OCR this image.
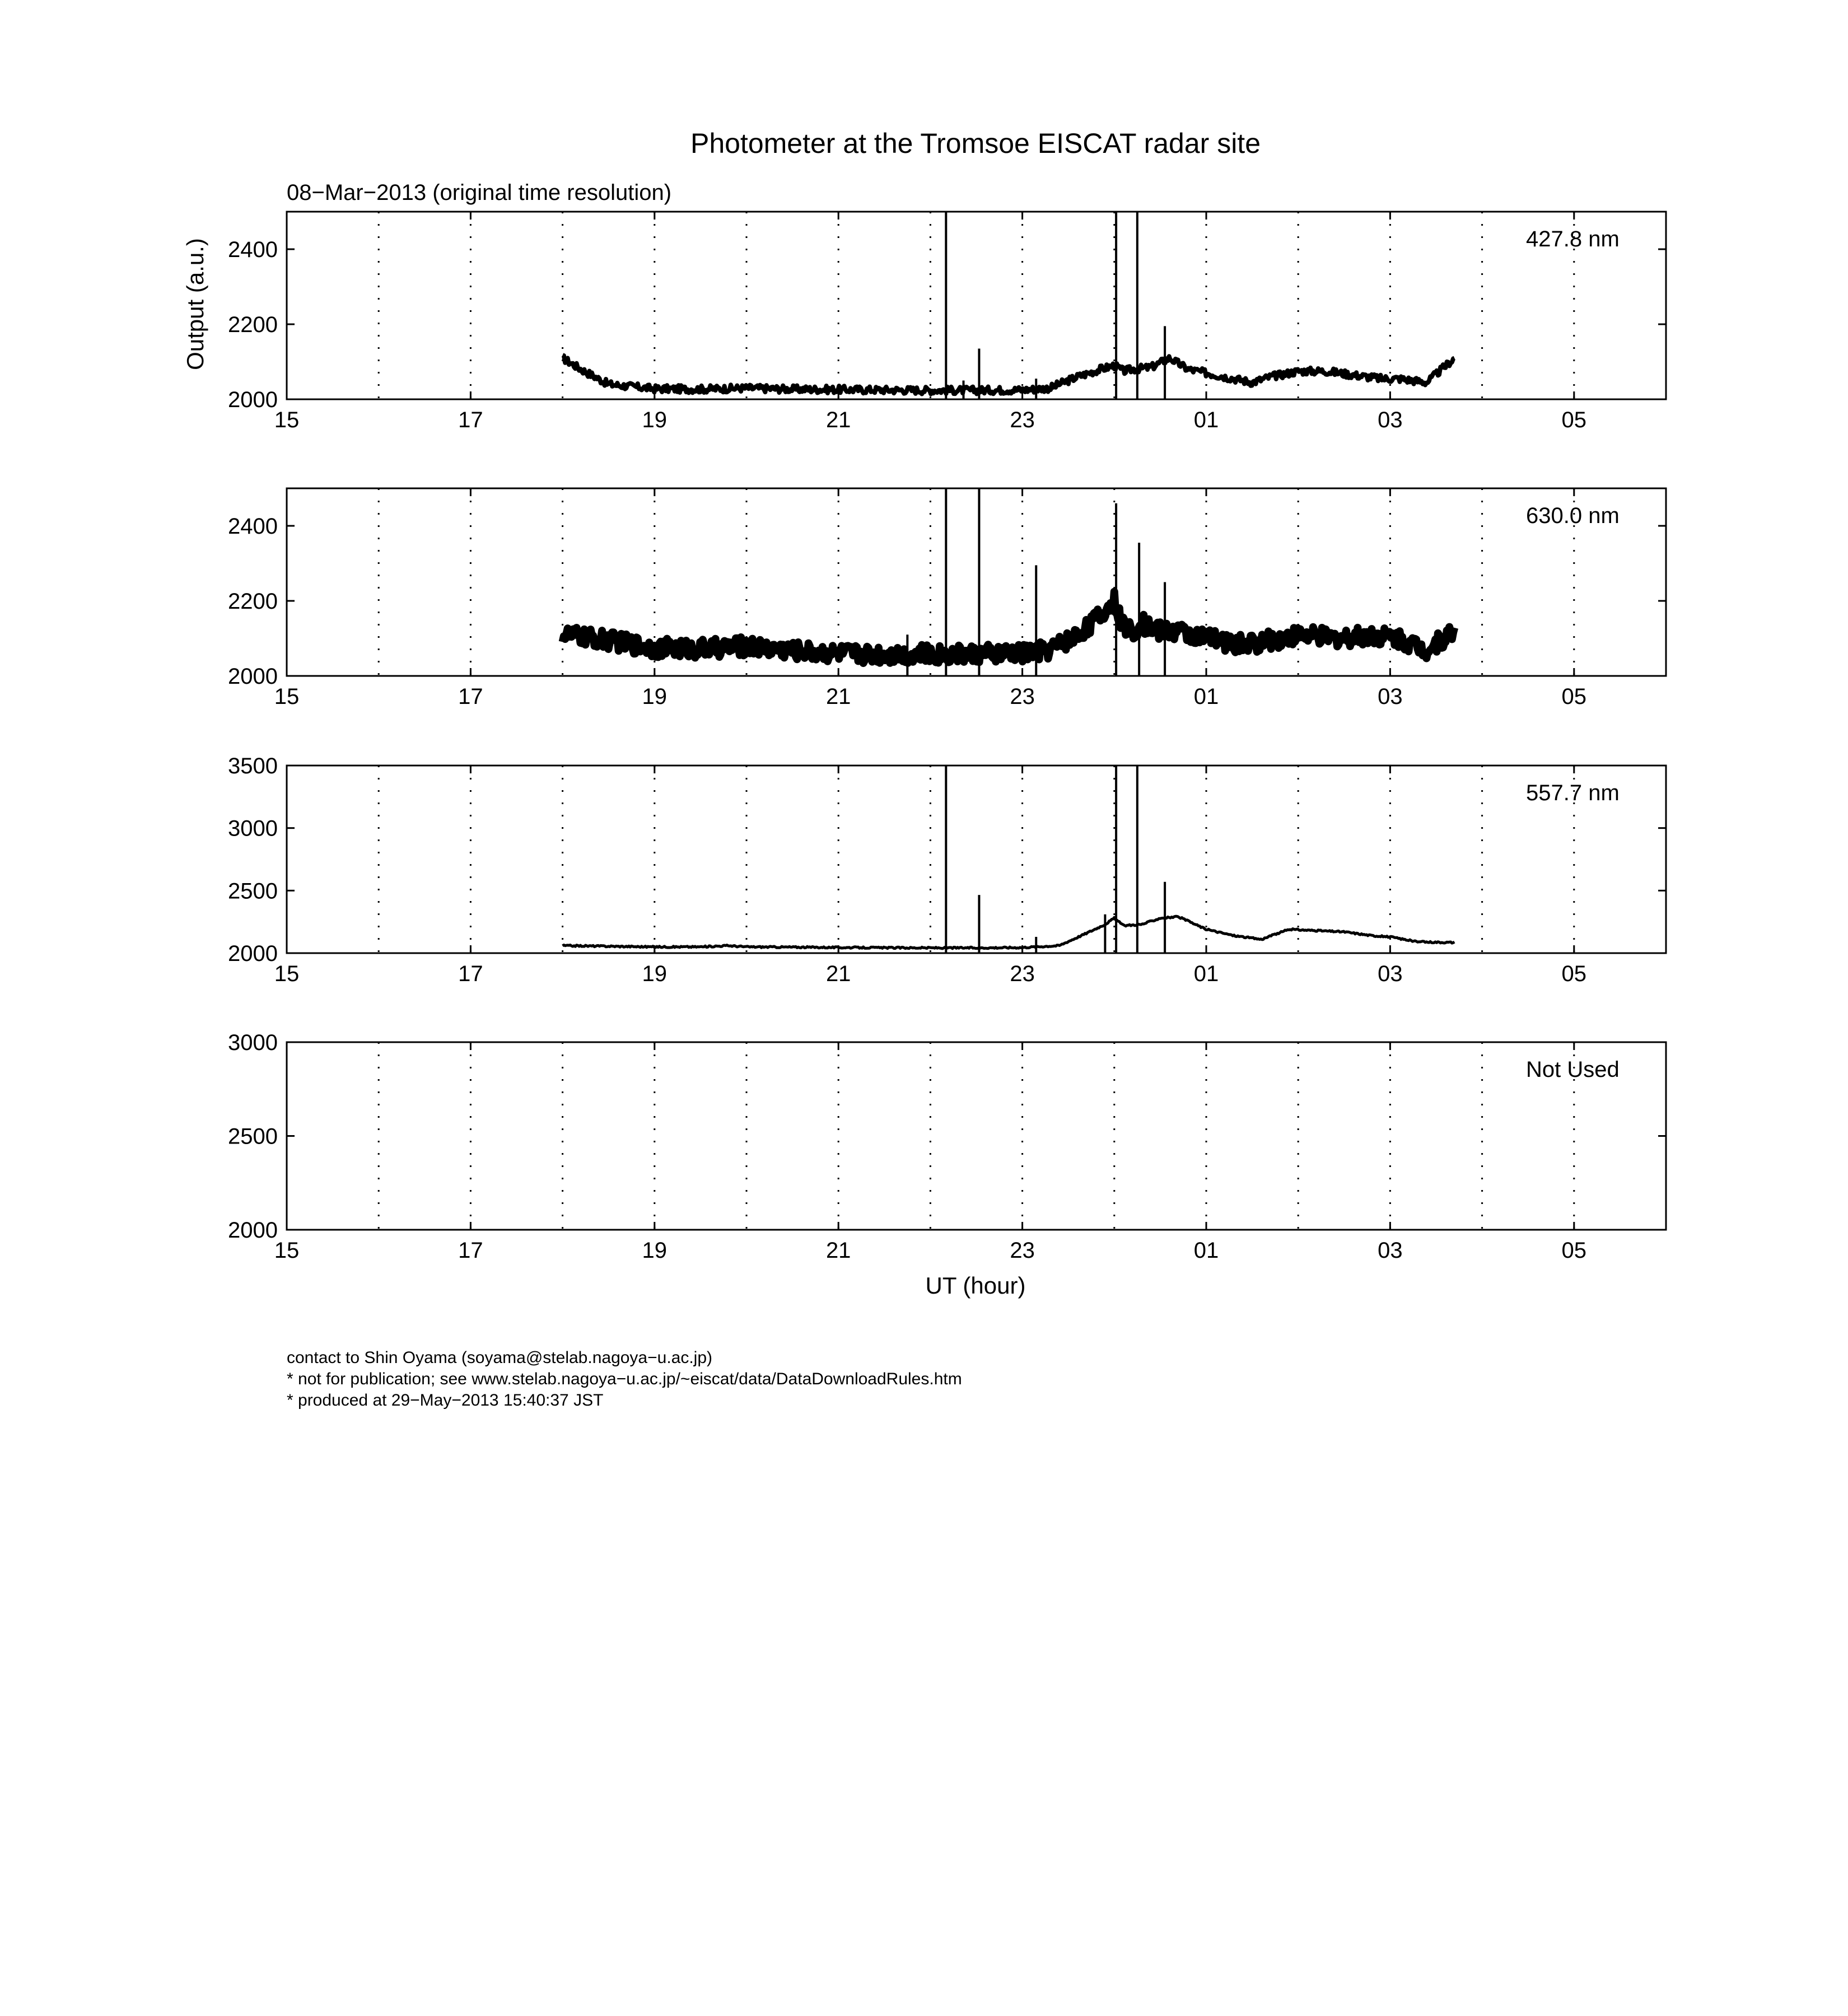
Photometer at the Tromsoe EISCAT radar site
08−Mar−2013 (original time resolution)
Output (a.u.)
UT (hour)
15	17	19	21	23	01	03	05
2000
2200
2400	427.8 nm
15	17	19	21	23	01	03	05
2000
2200
2400	630.0 nm
15	17	19	21	23	01	03	05
2000
2500
3000
3500
557.7 nm
15	17	19	21	23	01	03	05
2000
2500
3000
Not Used
contact to Shin Oyama (soyama@stelab.nagoya−u.ac.jp)
* not for publication; see www.stelab.nagoya−u.ac.jp/~eiscat/data/DataDownloadRules.htm
* produced at 29−May−2013 15:40:37 JST
